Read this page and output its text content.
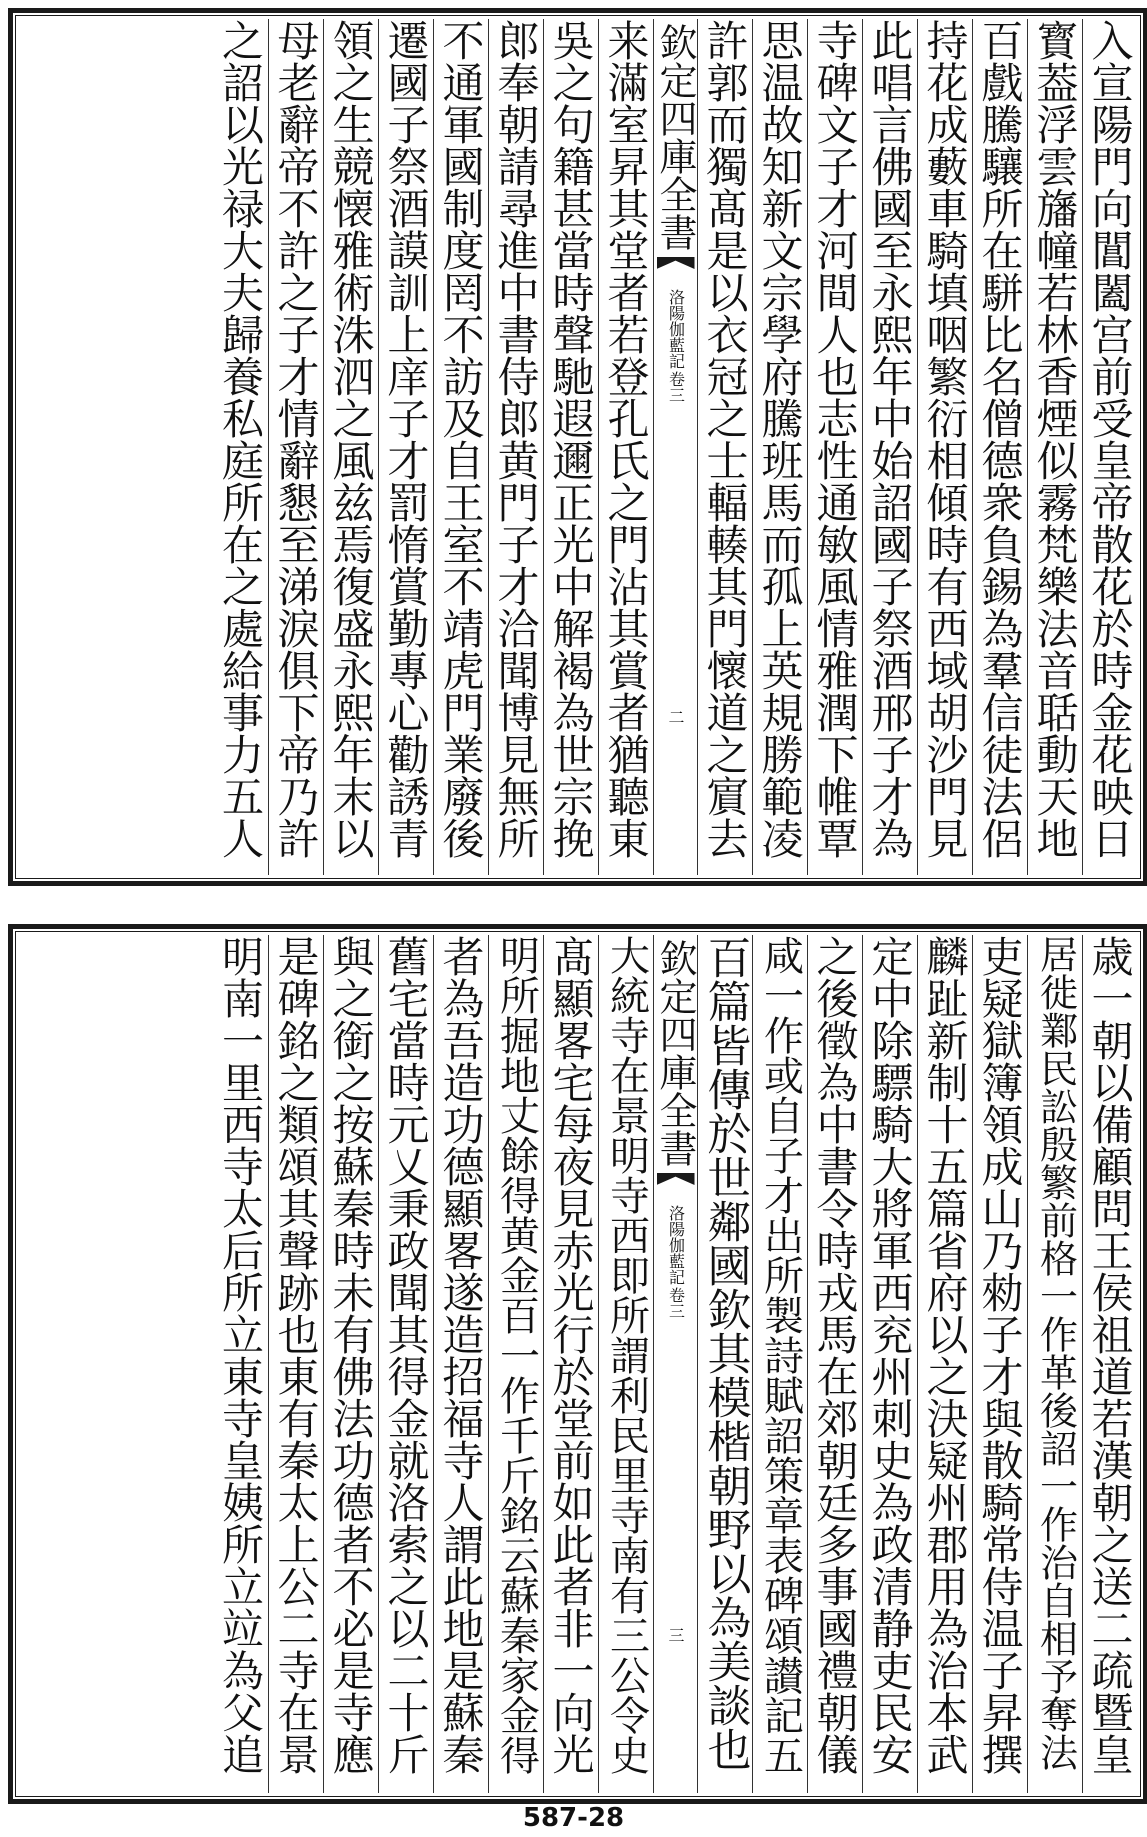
入宣陽門向閶闔宫前受皇帝散花於時金花映日
寳葢浮雲旛幢若林香煙似霧梵樂法音聒動天地
百戲騰驤所在駢比名僧德衆負錫為羣信徒法侶
持花成藪車騎填咽繁衍相傾時有西域胡沙門見
此唱言佛國至永熙年中始詔國子祭酒邢子才為
寺碑文子才河間人也志性通敏風情雅潤下帷覃
思温故知新文宗學府騰班馬而孤上英規勝範凌
許郭而獨髙是以衣冠之士輻輳其門懷道之賔去
欽定四庫全書
洛陽伽藍記
卷三
二
来滿室昇其堂者若登孔氏之門沾其賞者猶聽東
吳之句籍甚當時聲馳遐邇正光中解褐為世宗挽
郎奉朝請尋進中書侍郎黄門子才洽聞博見無所
不通軍國制度罔不訪及自王室不靖虎門業廢後
遷國子祭酒謨訓上庠子才罰惰賞勤專心勸誘青
領之生競懐雅術洙泗之風兹焉復盛永熙年末以
母老辭帝不許之子才情辭懇至涕淚俱下帝乃許
之詔以光禄大夫歸養私庭所在之處給事力五人
歳一朝以備顧問王侯祖道若漢朝之送二疏暨皇
居徙鄴民訟殷繁前格一作革後詔一作治自相予奪法
吏疑獄簿領成山乃勑子才與散騎常侍温子昇撰
麟趾新制十五篇省府以之決疑州郡用為治本武
定中除驃騎大將軍西兖州刺史為政清静吏民安
之後徵為中書令時戎馬在郊朝廷多事國禮朝儀
咸一作或自子才出所製詩賦詔策章表碑頌讃記五
百篇皆傳於世鄰國欽其模楷朝野以為美談也
欽定四庫全書
洛陽伽藍記
卷三
三
大統寺在景明寺西即所謂利民里寺南有三公令史
髙顯畧宅每夜見赤光行於堂前如此者非一向光
明所掘地丈餘得黄金百一作千斤銘云蘇秦家金得
者為吾造功德顯畧遂造招福寺人謂此地是蘇秦
舊宅當時元乂秉政聞其得金就洛索之以二十斤
與之銜之按蘇秦時未有佛法功德者不必是寺應
是碑銘之類頌其聲跡也東有秦太上公二寺在景
明南一里西寺太后所立東寺皇姨所立竝為父追
587-28
